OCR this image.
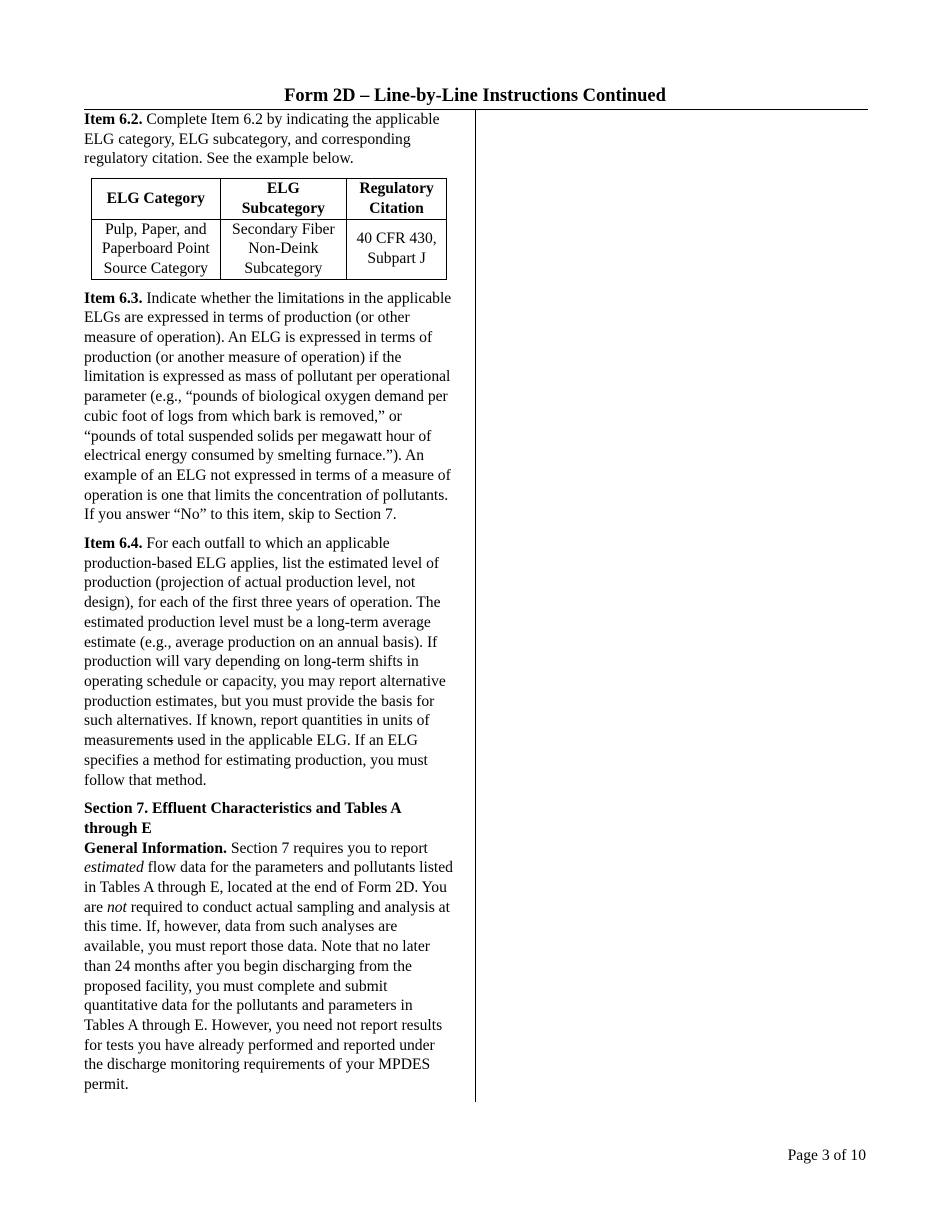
Form 2D – Line-by-Line Instructions Continued

Item 6.2. Complete Item 6.2 by indicating the applicable ELG category, ELG subcategory, and corresponding regulatory citation. See the example below.

ELG Category	ELG Subcategory	Regulatory Citation
Pulp, Paper, and Paperboard Point Source Category	Secondary Fiber Non-Deink Subcategory	40 CFR 430, Subpart J

Item 6.3. Indicate whether the limitations in the applicable ELGs are expressed in terms of production (or other measure of operation). An ELG is expressed in terms of production (or another measure of operation) if the limitation is expressed as mass of pollutant per operational parameter (e.g., “pounds of biological oxygen demand per cubic foot of logs from which bark is removed,” or “pounds of total suspended solids per megawatt hour of electrical energy consumed by smelting furnace.”). An example of an ELG not expressed in terms of a measure of operation is one that limits the concentration of pollutants. If you answer “No” to this item, skip to Section 7.

Item 6.4. For each outfall to which an applicable production-based ELG applies, list the estimated level of production (projection of actual production level, not design), for each of the first three years of operation. The estimated production level must be a long-term average estimate (e.g., average production on an annual basis). If production will vary depending on long-term shifts in operating schedule or capacity, you may report alternative production estimates, but you must provide the basis for such alternatives. If known, report quantities in units of measurements used in the applicable ELG. If an ELG specifies a method for estimating production, you must follow that method.

Section 7. Effluent Characteristics and Tables A through E

General Information. Section 7 requires you to report estimated flow data for the parameters and pollutants listed in Tables A through E, located at the end of Form 2D. You are not required to conduct actual sampling and analysis at this time. If, however, data from such analyses are available, you must report those data. Note that no later than 24 months after you begin discharging from the proposed facility, you must complete and submit quantitative data for the pollutants and parameters in Tables A through E. However, you need not report results for tests you have already performed and reported under the discharge monitoring requirements of your MPDES permit.

Page 3 of 10
